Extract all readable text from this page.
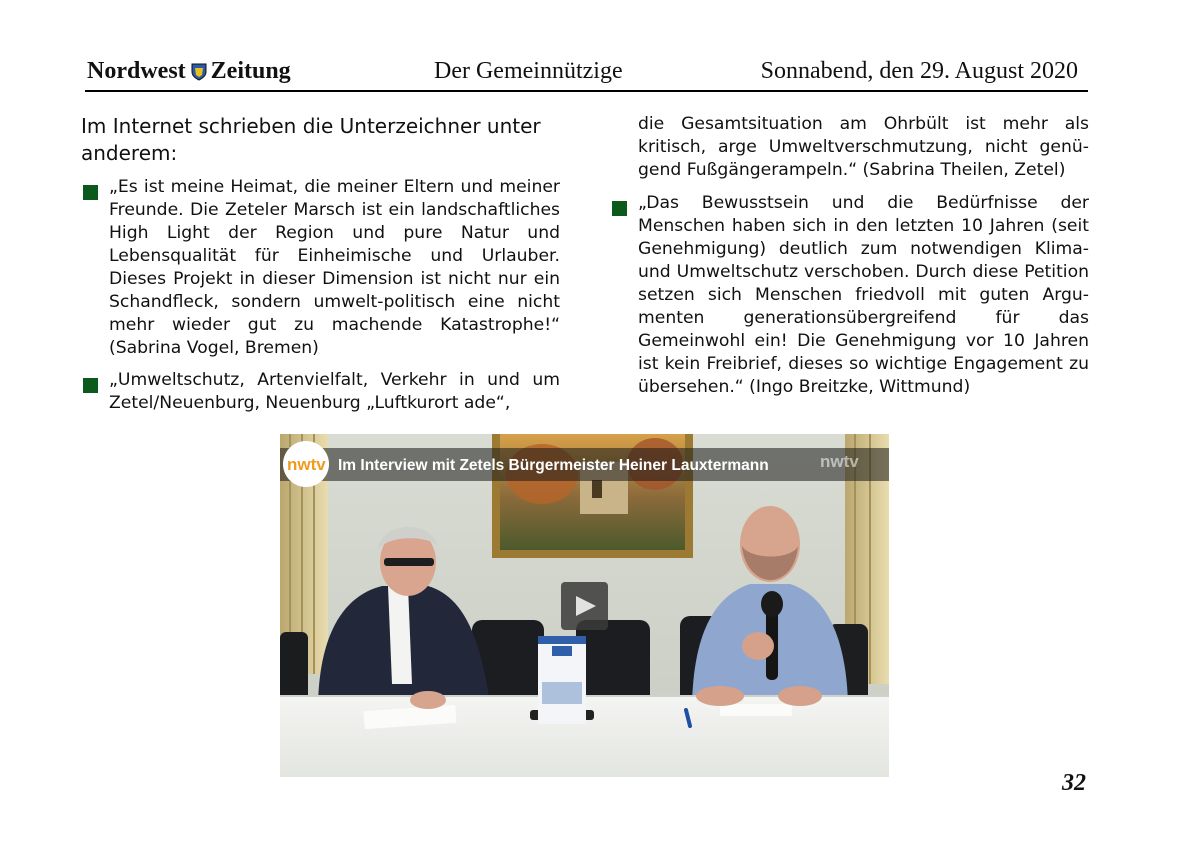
Nordwest Zeitung	Der Gemeinnützige	Sonnabend, den 29. August 2020
Im Internet schrieben die Unterzeichner unter anderem:
„Es ist meine Heimat, die meiner Eltern und meiner Freunde. Die Zeteler Marsch ist ein landschaftliches High Light der Region und pure Natur und Lebensqualität für Einheimische und Urlauber. Dieses Projekt in dieser Dimension ist nicht nur ein Schandfleck, sondern umwelt-politisch eine nicht mehr wieder gut zu machende Katastrophe!“ (Sabrina Vogel, Bremen)
„Umweltschutz, Artenvielfalt, Verkehr in und um Zetel/Neuenburg, Neuenburg „Luftkurort ade“,
die Gesamtsituation am Ohrbült ist mehr als kritisch, arge Umweltverschmutzung, nicht genü-gend Fußgängerampeln.“ (Sabrina Theilen, Zetel)
„Das Bewusstsein und die Bedürfnisse der Menschen haben sich in den letzten 10 Jahren (seit Genehmigung) deutlich zum notwendigen Klima- und Umweltschutz verschoben. Durch diese Petition setzen sich Menschen friedvoll mit guten Argu-menten generationsübergreifend für das Gemeinwohl ein! Die Genehmigung vor 10 Jahren ist kein Freibrief, dieses so wichtige Engagement zu übersehen.“ (Ingo Breitzke, Wittmund)
nwtv
nwtv Im Interview mit Zetels Bürgermeister Heiner Lauxtermann
32
